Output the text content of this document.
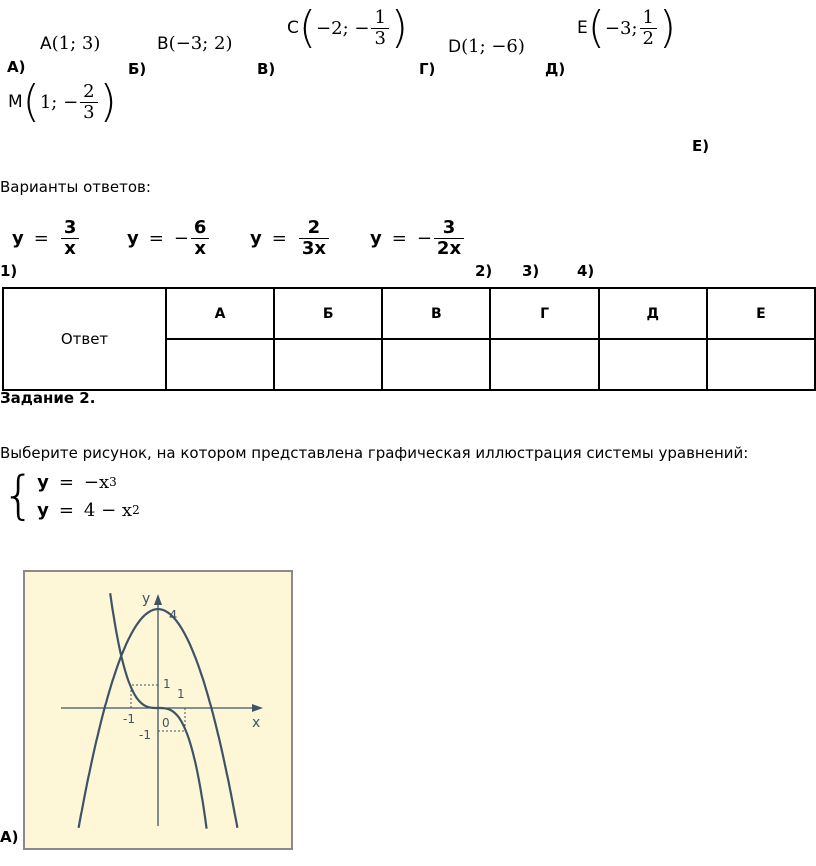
А)
A (1; 3)
Б)
B (−3; 2)
В)
C ( −2; − $\frac{1}{3}$ )
Г)
D (1; −6)
Д)
E ( −3; $\frac{1}{2}$ )
M ( 1; − $\frac{2}{3}$ )
Е)
Варианты ответов:
$y = \frac{3}{x}$	y = − $\frac{6}{x}$ $y = \frac{2}{3x}$ y = − $\frac{3}{2x}$
1)	2) 3)	4)
Ответ	А	Б	В	Г	Д	Е

Задание 2.
Выберите рисунок, на котором представлена графическая иллюстрация системы уравнений:
{ y = −x 3
y = 4 − x 2
y
x
4
1
1
-1
-1
0
А)
